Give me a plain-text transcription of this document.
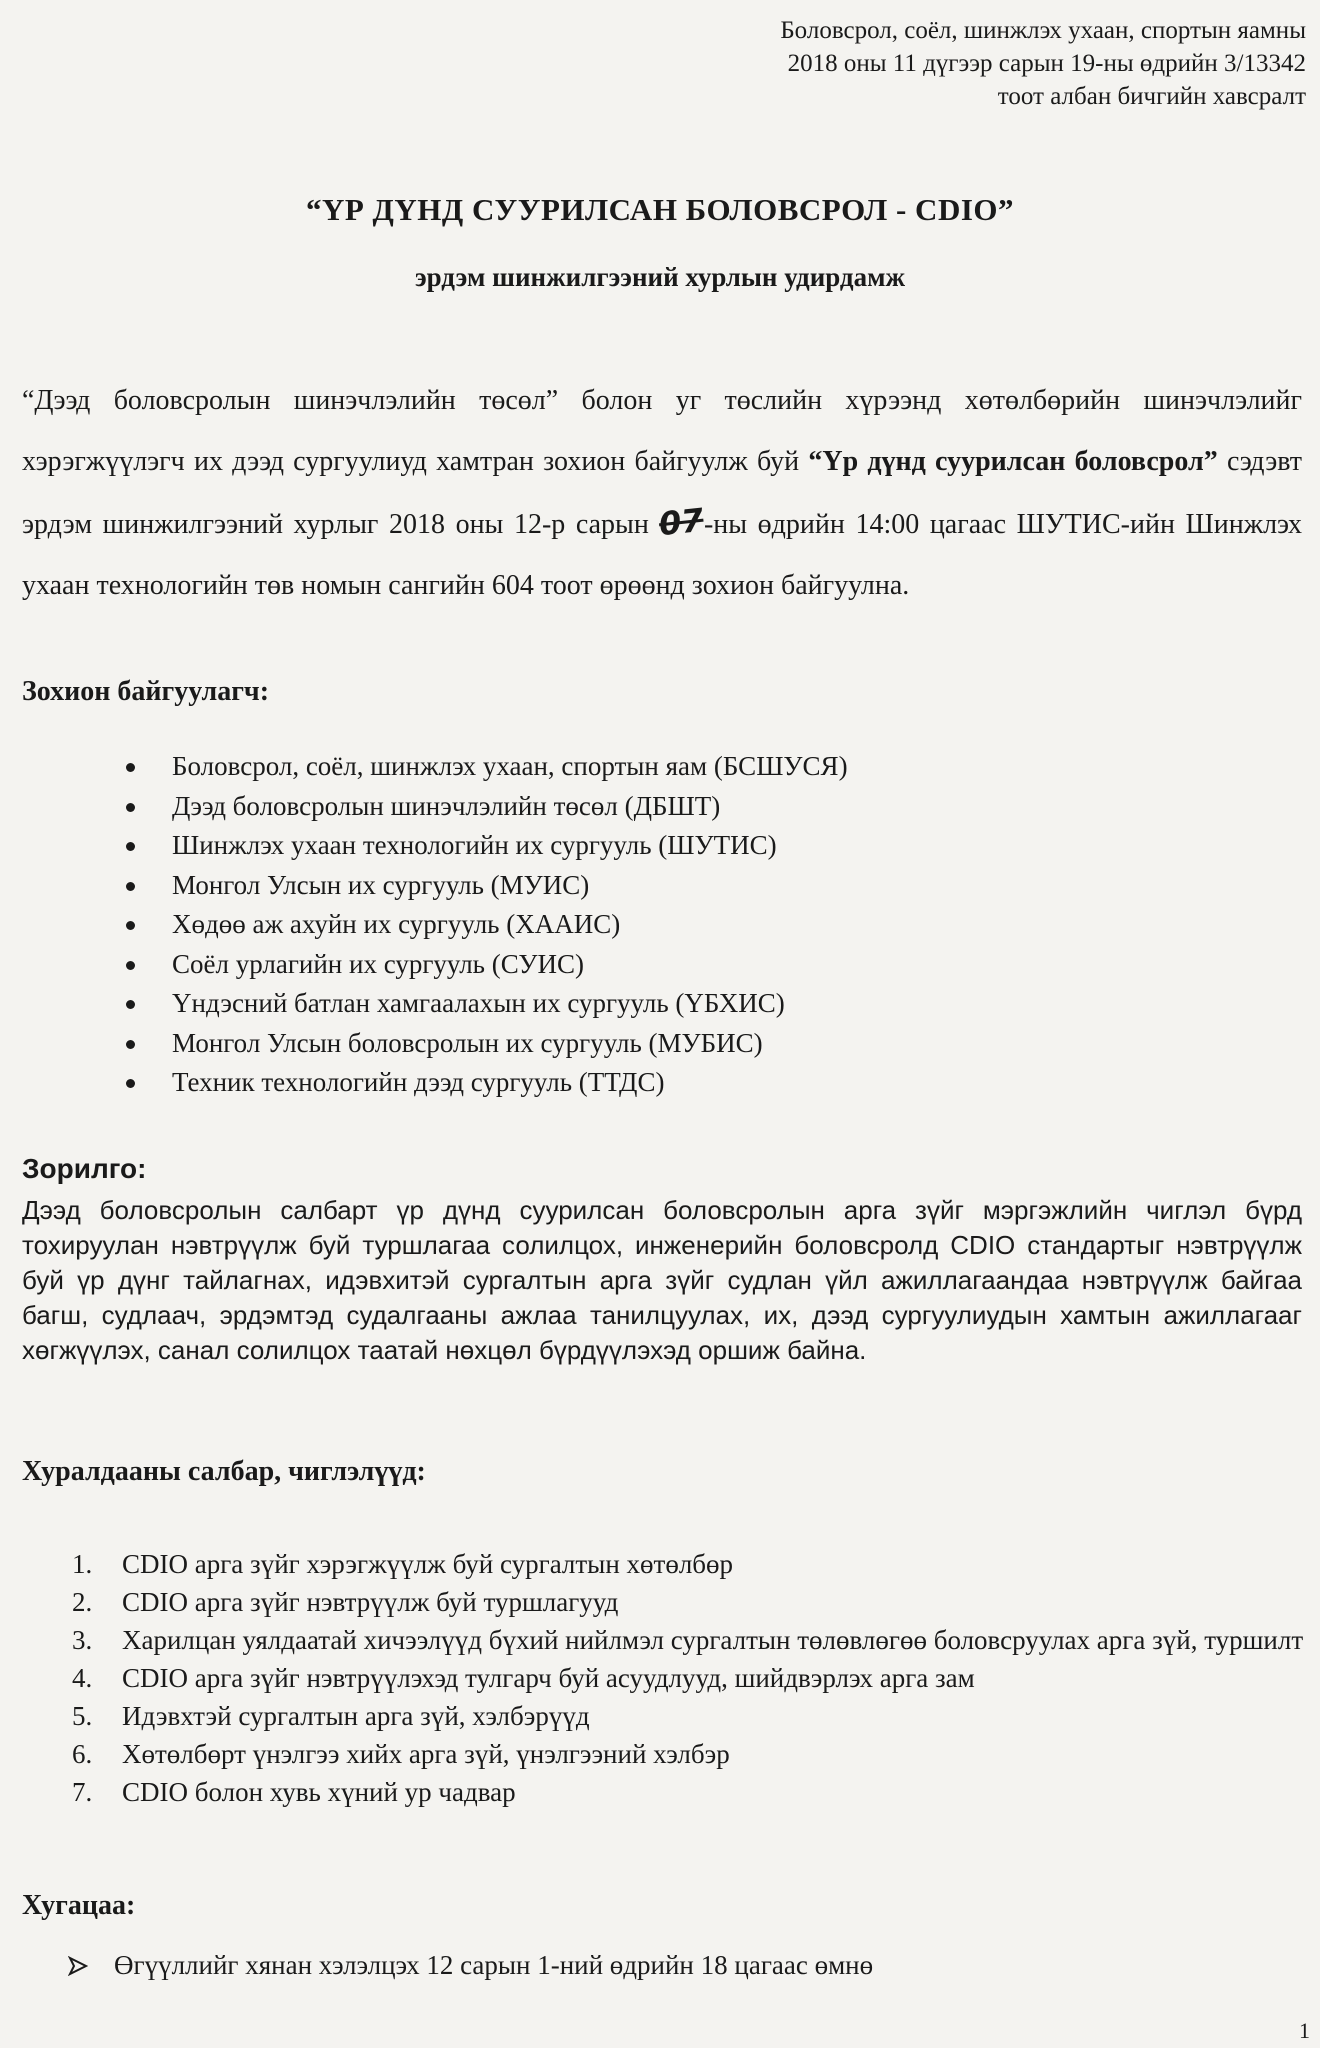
Боловсрол, соёл, шинжлэх ухаан, спортын яамны
2018 оны 11 дүгээр сарын 19-ны өдрийн 3/13342
тоот албан бичгийн хавсралт
“ҮР ДҮНД СУУРИЛСАН БОЛОВСРОЛ - CDIO”
эрдэм шинжилгээний хурлын удирдамж

“Дээд боловсролын шинэчлэлийн төсөл” болон уг төслийн хүрээнд хөтөлбөрийн шинэчлэлийг хэрэгжүүлэгч их дээд сургуулиуд хамтран зохион байгуулж буй “Үр дүнд суурилсан боловсрол” сэдэвт эрдэм шинжилгээний хурлыг 2018 оны 12-р сарын 07-ны өдрийн 14:00 цагаас ШУТИС-ийн Шинжлэх ухаан технологийн төв номын сангийн 604 тоот өрөөнд зохион байгуулна.

Зохион байгуулагч:
Боловсрол, соёл, шинжлэх ухаан, спортын яам (БСШУСЯ)
Дээд боловсролын шинэчлэлийн төсөл (ДБШТ)
Шинжлэх ухаан технологийн их сургууль (ШУТИС)
Монгол Улсын их сургууль (МУИС)
Хөдөө аж ахуйн их сургууль (ХААИС)
Соёл урлагийн их сургууль (СУИС)
Үндэсний батлан хамгаалахын их сургууль (ҮБХИС)
Монгол Улсын боловсролын их сургууль (МУБИС)
Техник технологийн дээд сургууль (ТТДС)
Зорилго:

Дээд боловсролын салбарт үр дүнд суурилсан боловсролын арга зүйг мэргэжлийн чиглэл бүрд тохируулан нэвтрүүлж буй туршлагаа солилцох, инженерийн боловсролд CDIO стандартыг нэвтрүүлж буй үр дүнг тайлагнах, идэвхитэй сургалтын арга зүйг судлан үйл ажиллагаандаа нэвтрүүлж байгаа багш, судлаач, эрдэмтэд судалгааны ажлаа танилцуулах, их, дээд сургуулиудын хамтын ажиллагааг хөгжүүлэх, санал солилцох таатай нөхцөл бүрдүүлэхэд оршиж байна.

Хуралдааны салбар, чиглэлүүд:
1.	CDIO арга зүйг хэрэгжүүлж буй сургалтын хөтөлбөр
2.	CDIO арга зүйг нэвтрүүлж буй туршлагууд
3.	Харилцан уялдаатай хичээлүүд бүхий нийлмэл сургалтын төлөвлөгөө боловсруулах арга зүй, туршилт
4.	CDIO арга зүйг нэвтрүүлэхэд тулгарч буй асуудлууд, шийдвэрлэх арга зам
5.	Идэвхтэй сургалтын арга зүй, хэлбэрүүд
6.	Хөтөлбөрт үнэлгээ хийх арга зүй, үнэлгээний хэлбэр
7.	CDIO болон хувь хүний ур чадвар
Хугацаа:
Өгүүллийг хянан хэлэлцэх 12 сарын 1-ний өдрийн 18 цагаас өмнө
1
